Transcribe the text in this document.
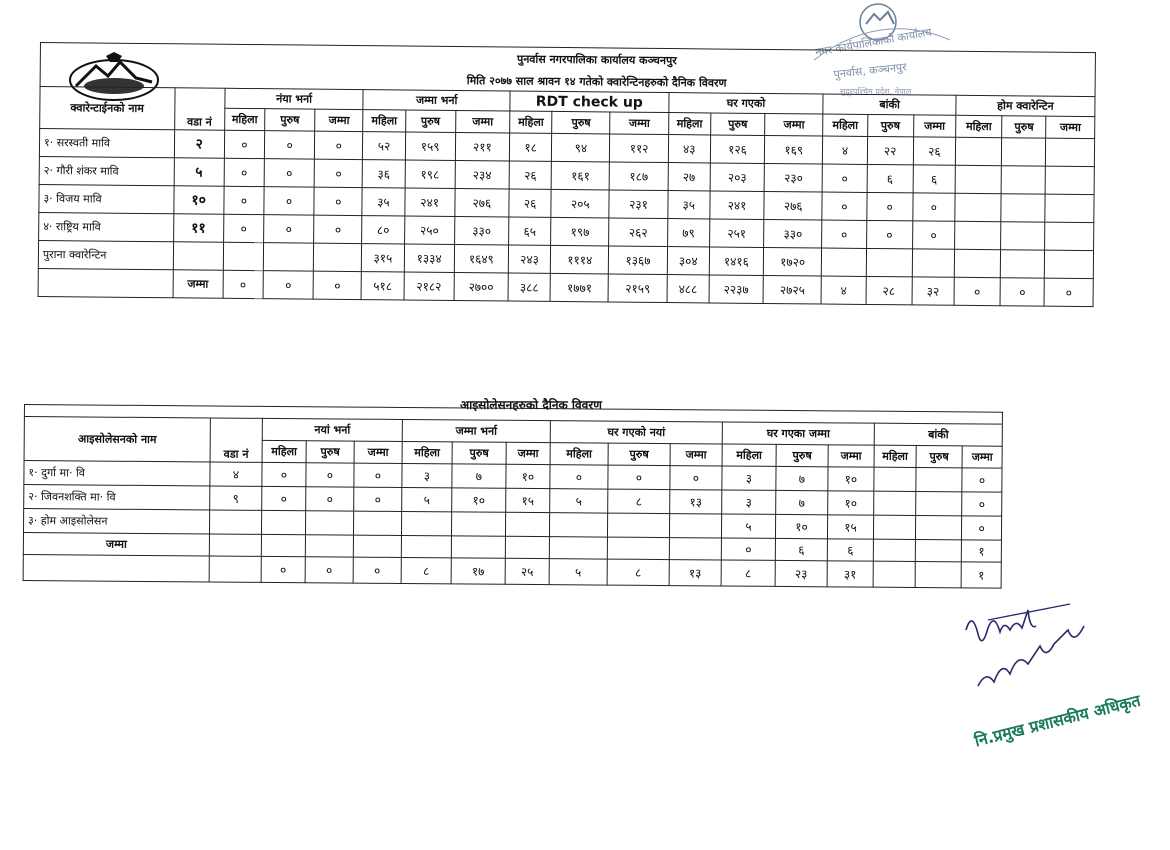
नगर कार्यपालिकाको कार्यालय
पुनर्वास, कञ्चनपुर
सुदूरपश्चिम प्रदेश, नेपाल
पुनर्वास नगरपालिका कार्यालय कञ्चनपुर																			
मिति २०७७ साल श्रावन १४ गतेको क्वारेन्टिनहरुको दैनिक विवरण																			
क्वारेन्टाईनको नाम	वडा नं	नंया भर्ना			जम्मा भर्ना			RDT check up			घर गएको			बांकी			होम क्वारेन्टिन		
		महिला	पुरुष	जम्मा	महिला	पुरुष	जम्मा	महिला	पुरुष	जम्मा	महिला	पुरुष	जम्मा	महिला	पुरुष	जम्मा	महिला	पुरुष	जम्मा
१· सरस्वती मावि	२	०	०	०	५२	१५९	२११	१८	९४	११२	४३	१२६	१६९	४	२२	२६			
२· गौरी शंकर मावि	५	०	०	०	३६	१९८	२३४	२६	१६१	१८७	२७	२०३	२३०	०	६	६			
३· विजय मावि	१०	०	०	०	३५	२४१	२७६	२६	२०५	२३१	३५	२४१	२७६	०	०	०			
४· राष्ट्रिय मावि	११	०	०	०	८०	२५०	३३०	६५	१९७	२६२	७९	२५१	३३०	०	०	०			
पुराना क्वारेन्टिन					३१५	१३३४	१६४९	२४३	१११४	१३६७	३०४	१४१६	१७२०						
	जम्मा	०	०	०	५१८	२१८२	२७००	३८८	१७७१	२१५९	४८८	२२३७	२७२५	४	२८	३२	०	०	०
आइसोलेसनहरुको दैनिक विवरण

आइसोलेसनको नाम	वडा नं	नयां भर्ना			जम्मा भर्ना			घर गएको नयां			घर गएका जम्मा			बांकी		
		महिला	पुरुष	जम्मा	महिला	पुरुष	जम्मा	महिला	पुरुष	जम्मा	महिला	पुरुष	जम्मा	महिला	पुरुष	जम्मा
१· दुर्गा मा· वि	४	०	०	०	३	७	१०	०	०	०	३	७	१०			०
२· जिवनशक्ति मा· वि	९	०	०	०	५	१०	१५	५	८	१३	३	७	१०			०
३· होम आइसोलेसन											५	१०	१५			०
जम्मा											०	६	६			१
		०	०	०	८	१७	२५	५	८	१३	८	२३	३१			१
नि.प्रमुख प्रशासकीय अधिकृत
